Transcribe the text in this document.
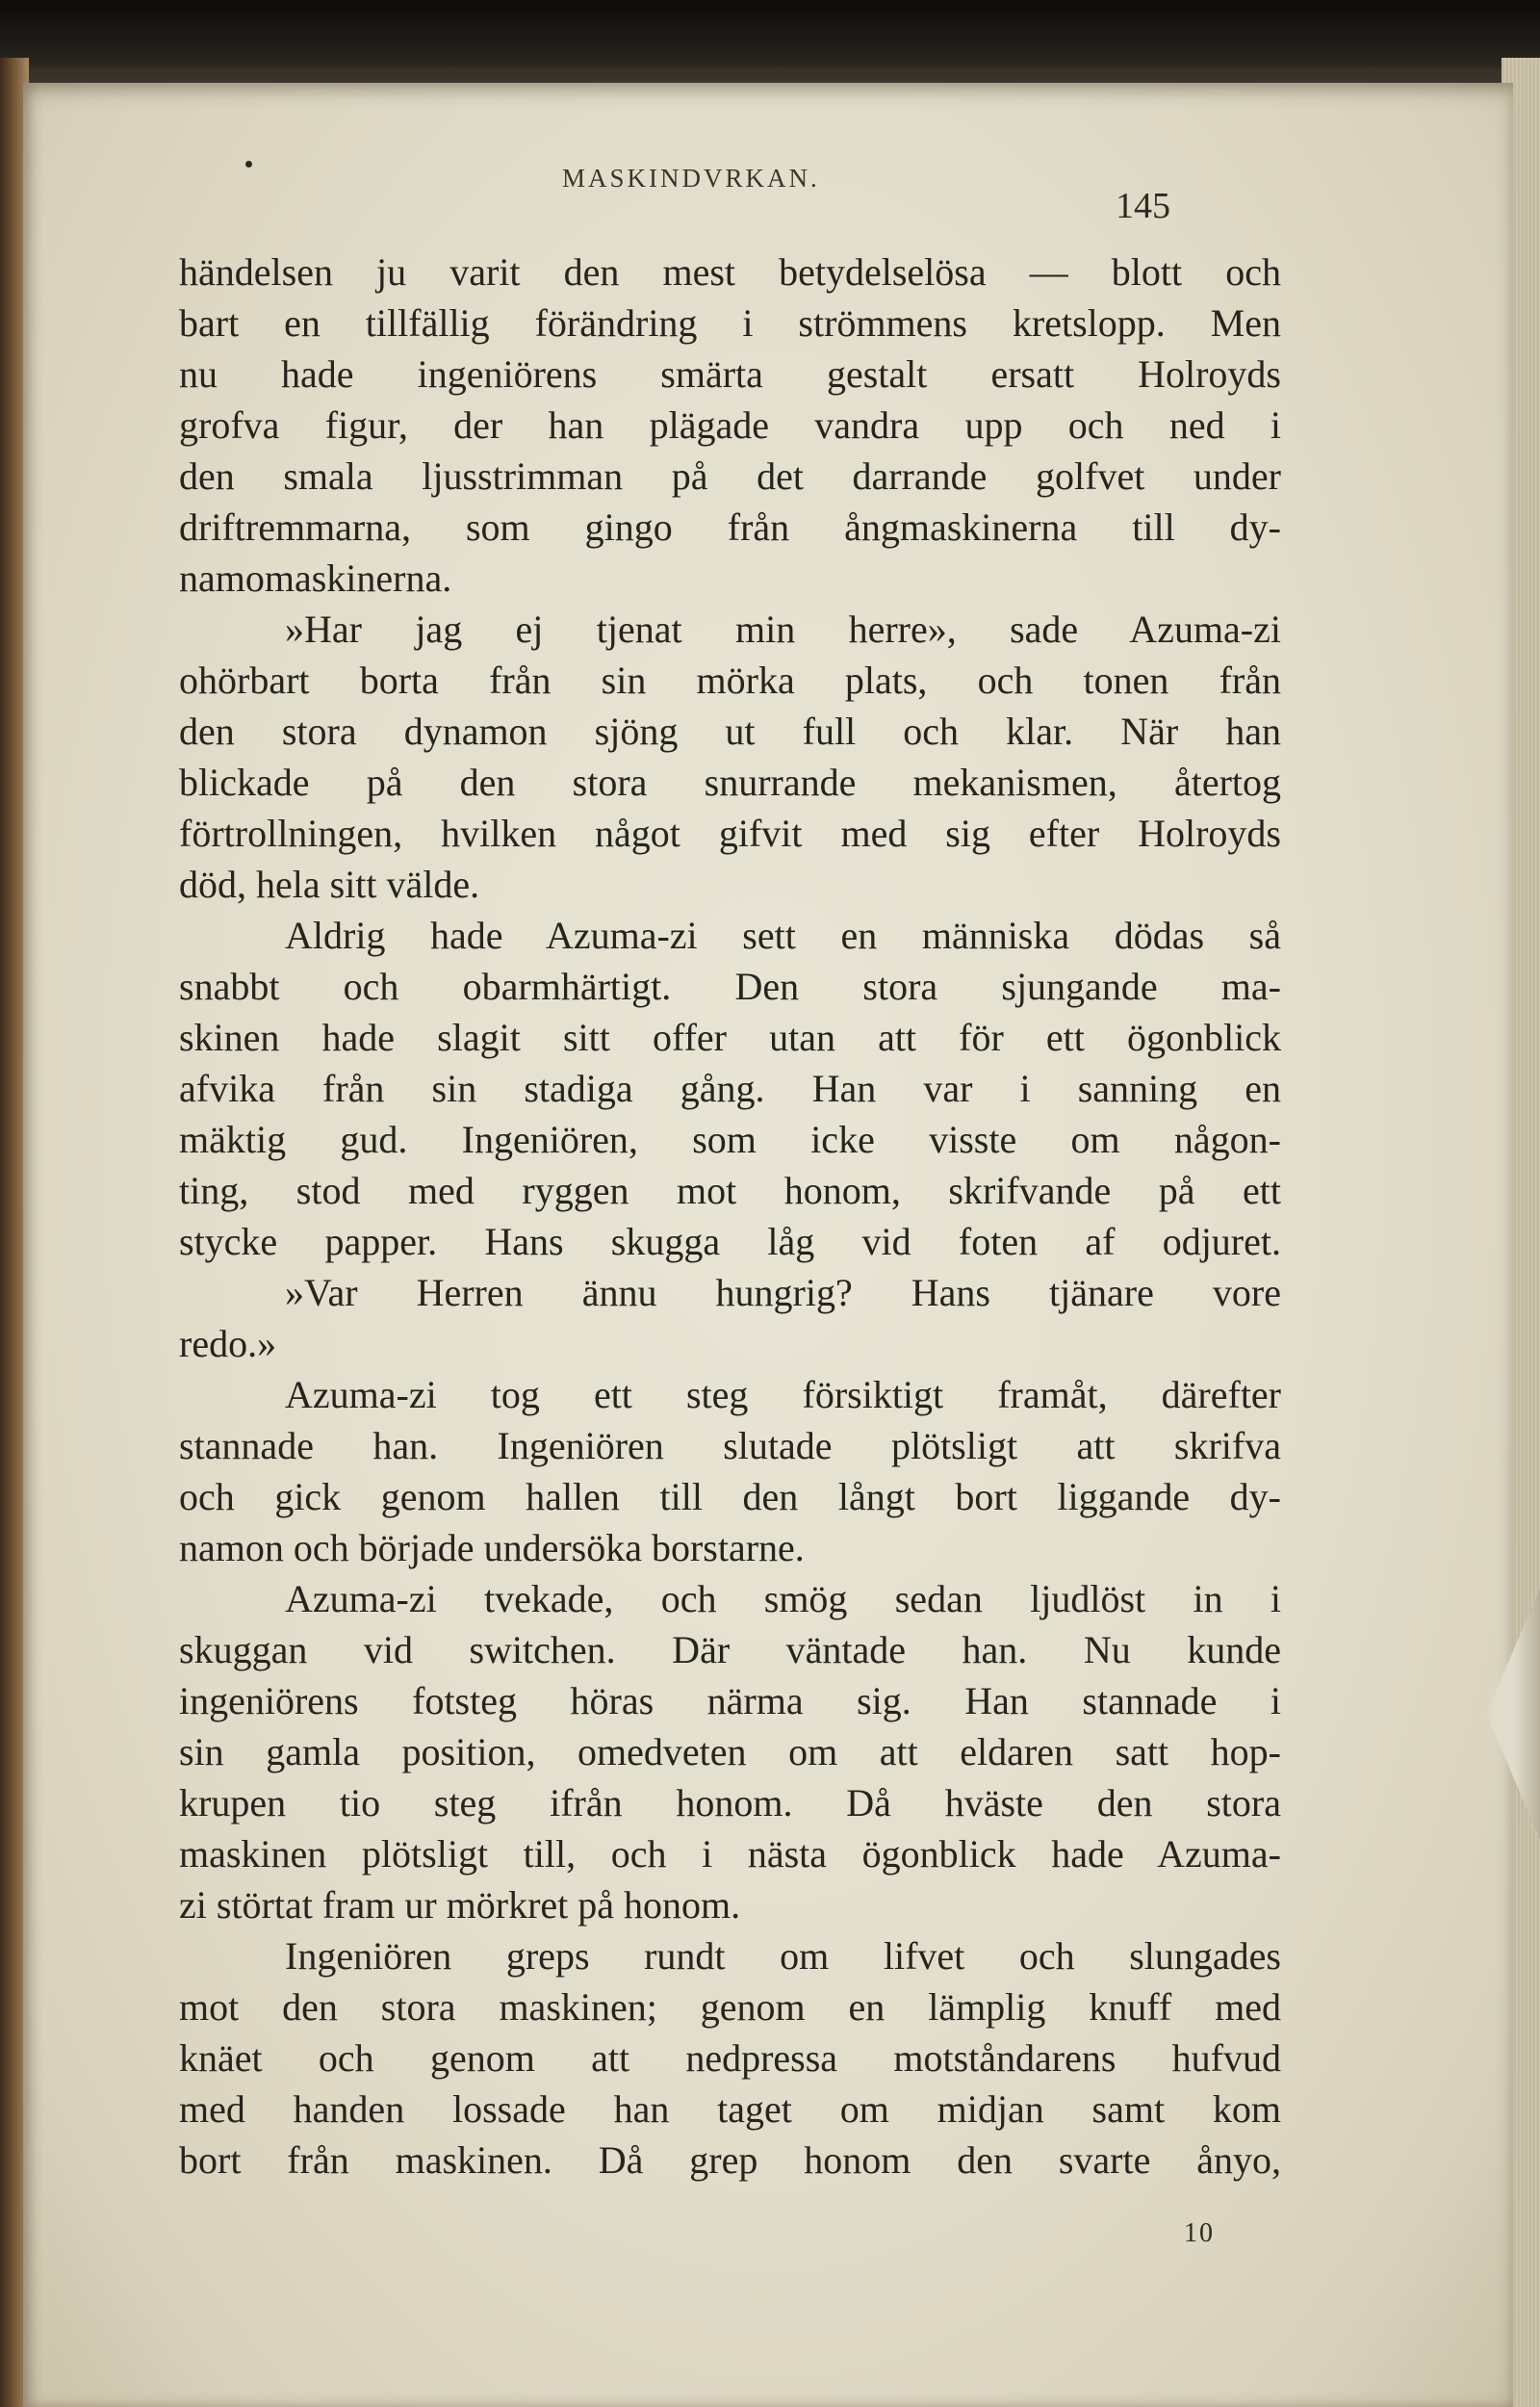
MASKINDVRKAN.
145
händelsen ju varit den mest betydelselösa — blott och
bart en tillfällig förändring i strömmens kretslopp. Men
nu hade ingeniörens smärta gestalt ersatt Holroyds
grofva figur, der han plägade vandra upp och ned i
den smala ljusstrimman på det darrande golfvet under
driftremmarna, som gingo från ångmaskinerna till dy-
namomaskinerna.
»Har jag ej tjenat min herre», sade Azuma-zi
ohörbart borta från sin mörka plats, och tonen från
den stora dynamon sjöng ut full och klar. När han
blickade på den stora snurrande mekanismen, återtog
förtrollningen, hvilken något gifvit med sig efter Holroyds
död, hela sitt välde.
Aldrig hade Azuma-zi sett en människa dödas så
snabbt och obarmhärtigt. Den stora sjungande ma-
skinen hade slagit sitt offer utan att för ett ögonblick
afvika från sin stadiga gång. Han var i sanning en
mäktig gud. Ingeniören, som icke visste om någon-
ting, stod med ryggen mot honom, skrifvande på ett
stycke papper. Hans skugga låg vid foten af odjuret.
»Var Herren ännu hungrig? Hans tjänare vore
redo.»
Azuma-zi tog ett steg försiktigt framåt, därefter
stannade han. Ingeniören slutade plötsligt att skrifva
och gick genom hallen till den långt bort liggande dy-
namon och började undersöka borstarne.
Azuma-zi tvekade, och smög sedan ljudlöst in i
skuggan vid switchen. Där väntade han. Nu kunde
ingeniörens fotsteg höras närma sig. Han stannade i
sin gamla position, omedveten om att eldaren satt hop-
krupen tio steg ifrån honom. Då hväste den stora
maskinen plötsligt till, och i nästa ögonblick hade Azuma-
zi störtat fram ur mörkret på honom.
Ingeniören greps rundt om lifvet och slungades
mot den stora maskinen; genom en lämplig knuff med
knäet och genom att nedpressa motståndarens hufvud
med handen lossade han taget om midjan samt kom
bort från maskinen. Då grep honom den svarte ånyo,
10
